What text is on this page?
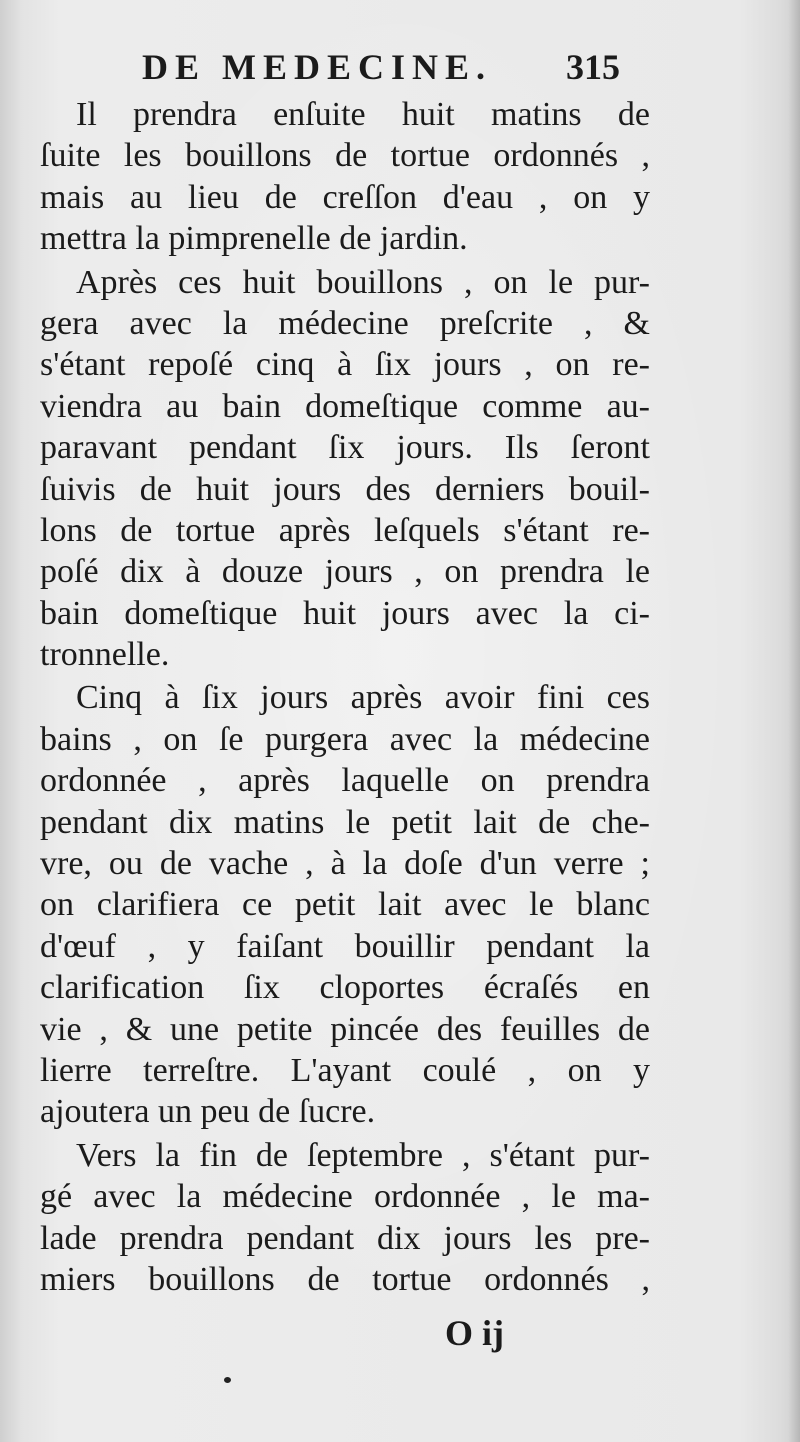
DE MEDECINE. 315
Il prendra enſuite huit matins de
ſuite les bouillons de tortue ordonnés ,
mais au lieu de creſſon d'eau , on y
mettra la pimprenelle de jardin.
Après ces huit bouillons , on le pur-
gera avec la médecine preſcrite , &
s'étant repoſé cinq à ſix jours , on re-
viendra au bain domeſtique comme au-
paravant pendant ſix jours. Ils ſeront
ſuivis de huit jours des derniers bouil-
lons de tortue après leſquels s'étant re-
poſé dix à douze jours , on prendra le
bain domeſtique huit jours avec la ci-
tronnelle.
Cinq à ſix jours après avoir fini ces
bains , on ſe purgera avec la médecine
ordonnée , après laquelle on prendra
pendant dix matins le petit lait de che-
vre, ou de vache , à la doſe d'un verre ;
on clarifiera ce petit lait avec le blanc
d'œuf , y faiſant bouillir pendant la
clarification ſix cloportes écraſés en
vie , & une petite pincée des feuilles de
lierre terreſtre. L'ayant coulé , on y
ajoutera un peu de ſucre.
Vers la fin de ſeptembre , s'étant pur-
gé avec la médecine ordonnée , le ma-
lade prendra pendant dix jours les pre-
miers bouillons de tortue ordonnés ,
O ij
